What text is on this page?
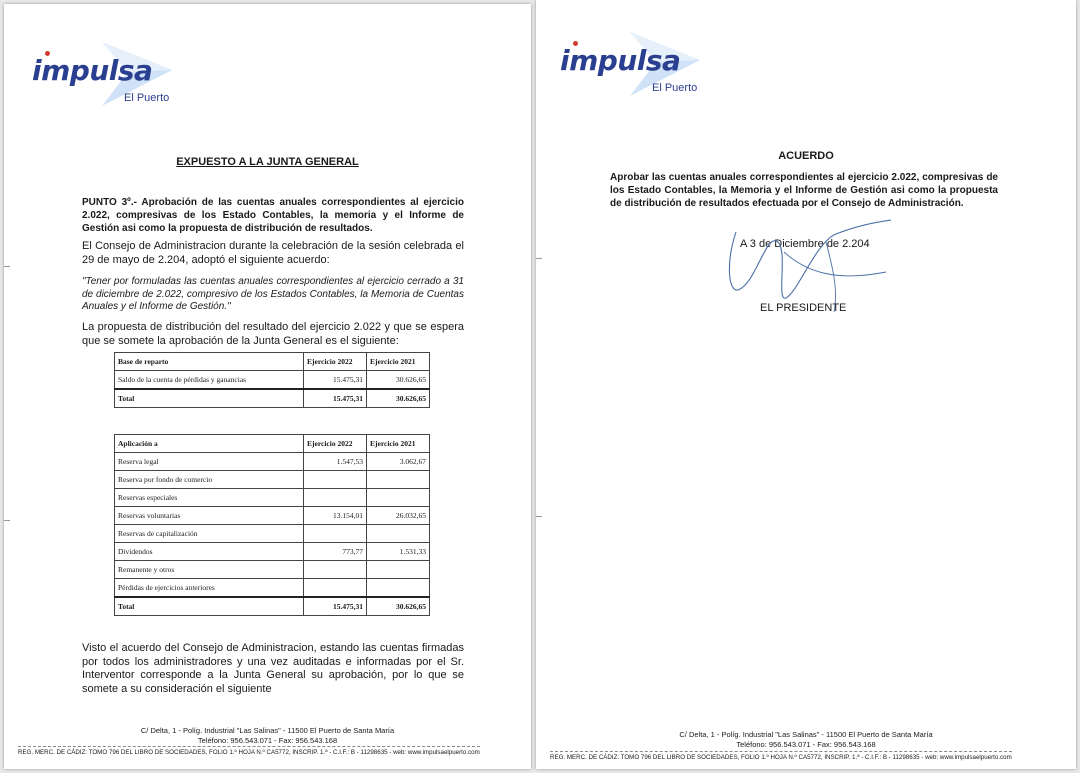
impulsa
El Puerto
EXPUESTO A LA JUNTA GENERAL

PUNTO 3º.- Aprobación de las cuentas anuales correspondientes al ejercicio 2.022, compresivas de los Estado Contables, la memoria y el Informe de Gestión asi como la propuesta de distribución de resultados.

El Consejo de Administracion durante la celebración de la sesión celebrada el 29 de mayo de 2.204, adoptó el siguiente acuerdo:

"Tener por formuladas las cuentas anuales correspondientes al ejercicio cerrado a 31 de diciembre de 2.022, compresivo de los Estados Contables, la Memoria de Cuentas Anuales y el Informe de Gestión."

La propuesta de distribución del resultado del ejercicio 2.022 y que se espera que se somete la aprobación de la Junta General es el siguiente:

Base de reparto	Ejercicio 2022	Ejercicio 2021
Saldo de la cuenta de pérdidas y ganancias	15.475,31	30.626,65
Total	15.475,31	30.626,65
Aplicación a	Ejercicio 2022	Ejercicio 2021
Reserva legal	1.547,53	3.062,67
Reserva por fondo de comercio		
Reservas especiales		
Reservas voluntarias	13.154,01	26.032,65
Reservas de capitalización		
Dividendos	773,77	1.531,33
Remanente y otros		
Pérdidas de ejercicios anteriores		
Total	15.475,31	30.626,65

Visto el acuerdo del Consejo de Administracion, estando las cuentas firmadas por todos los administradores y una vez auditadas e informadas por el Sr. Interventor corresponde a la Junta General su aprobación, por lo que se somete a su consideración el siguiente

C/ Delta, 1 - Políg. Industrial "Las Salinas" - 11500 El Puerto de Santa María
Teléfono: 956.543.071 - Fax: 956.543.168
REG. MERC. DE CÁDIZ: TOMO 796 DEL LIBRO DE SOCIEDADES, FOLIO 1.º HOJA N.º CA5772, INSCRIP. 1.ª - C.I.F.: B - 11298635 - web: www.impulsaelpuerto.com
impulsa
El Puerto
ACUERDO

Aprobar las cuentas anuales correspondientes al ejercicio 2.022, compresivas de los Estado Contables, la Memoria y el Informe de Gestión asi como la propuesta de distribución de resultados efectuada por el Consejo de Administración.

A 3 de Diciembre de 2.204
EL PRESIDENTE
C/ Delta, 1 - Políg. Industrial "Las Salinas" - 11500 El Puerto de Santa María
Teléfono: 956.543.071 - Fax: 956.543.168
REG. MERC. DE CÁDIZ: TOMO 796 DEL LIBRO DE SOCIEDADES, FOLIO 1.º HOJA N.º CA5772, INSCRIP. 1.ª - C.I.F.: B - 11298635 - web: www.impulsaelpuerto.com
